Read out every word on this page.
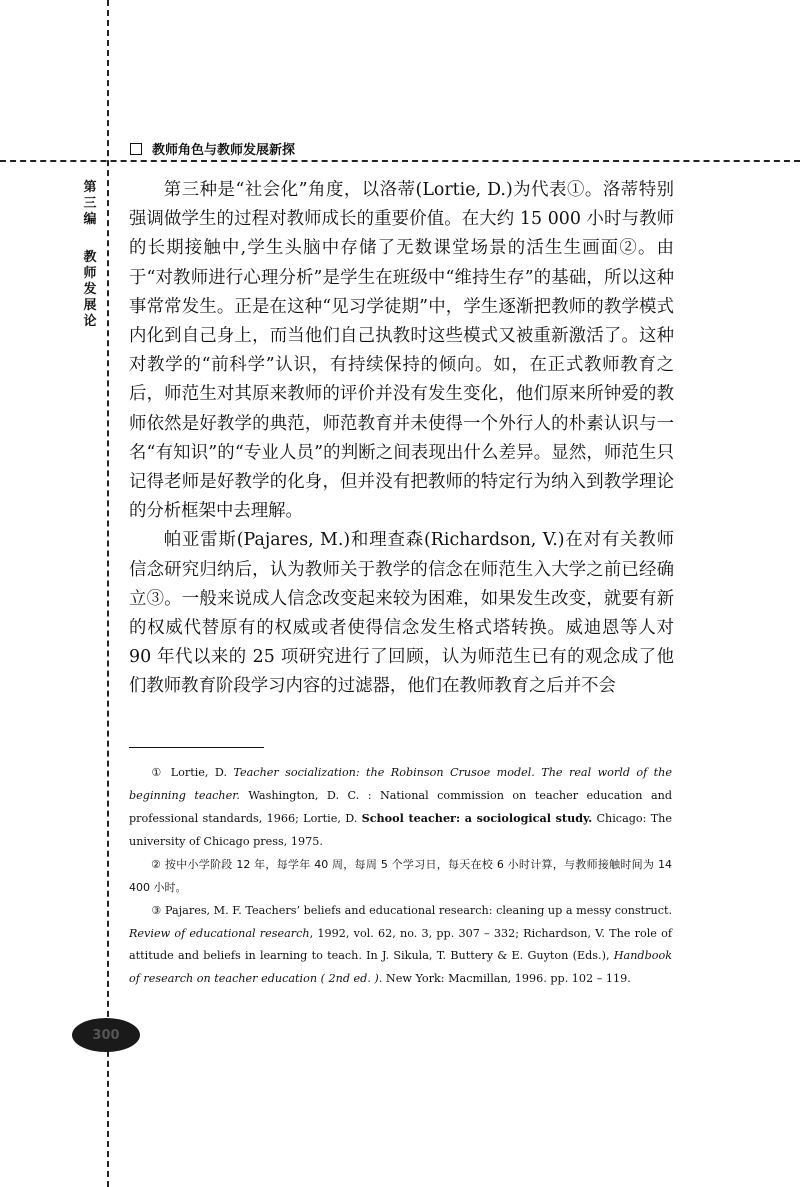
教师角色与教师发展新探
第三编
教师发展论

第三种是“社会化”角度，以洛蒂(Lortie, D.)为代表①。洛蒂特别强调做学生的过程对教师成长的重要价值。在大约 15 000 小时与教师的长期接触中,学生头脑中存储了无数课堂场景的活生生画面②。由于“对教师进行心理分析”是学生在班级中“维持生存”的基础，所以这种事常常发生。正是在这种“见习学徒期”中，学生逐渐把教师的教学模式内化到自己身上，而当他们自己执教时这些模式又被重新激活了。这种对教学的“前科学”认识，有持续保持的倾向。如，在正式教师教育之后，师范生对其原来教师的评价并没有发生变化，他们原来所钟爱的教师依然是好教学的典范，师范教育并未使得一个外行人的朴素认识与一名“有知识”的“专业人员”的判断之间表现出什么差异。显然，师范生只记得老师是好教学的化身，但并没有把教师的特定行为纳入到教学理论的分析框架中去理解。

帕亚雷斯(Pajares, M.)和理查森(Richardson, V.)在对有关教师信念研究归纳后，认为教师关于教学的信念在师范生入大学之前已经确立③。一般来说成人信念改变起来较为困难，如果发生改变，就要有新的权威代替原有的权威或者使得信念发生格式塔转换。威迪恩等人对 90 年代以来的 25 项研究进行了回顾，认为师范生已有的观念成了他们教师教育阶段学习内容的过滤器，他们在教师教育之后并不会

① Lortie, D. Teacher socialization: the Robinson Crusoe model. The real world of the beginning teacher. Washington, D. C. : National commission on teacher education and professional standards, 1966; Lortie, D. School teacher: a sociological study. Chicago: The university of Chicago press, 1975.

② 按中小学阶段 12 年，每学年 40 周，每周 5 个学习日，每天在校 6 小时计算，与教师接触时间为 14 400 小时。

③ Pajares, M. F. Teachers’ beliefs and educational research: cleaning up a messy construct. Review of educational research, 1992, vol. 62, no. 3, pp. 307 – 332; Richardson, V. The role of attitude and beliefs in learning to teach. In J. Sikula, T. Buttery & E. Guyton (Eds.), Handbook of research on teacher education ( 2nd ed. ). New York: Macmillan, 1996. pp. 102 – 119.

300
